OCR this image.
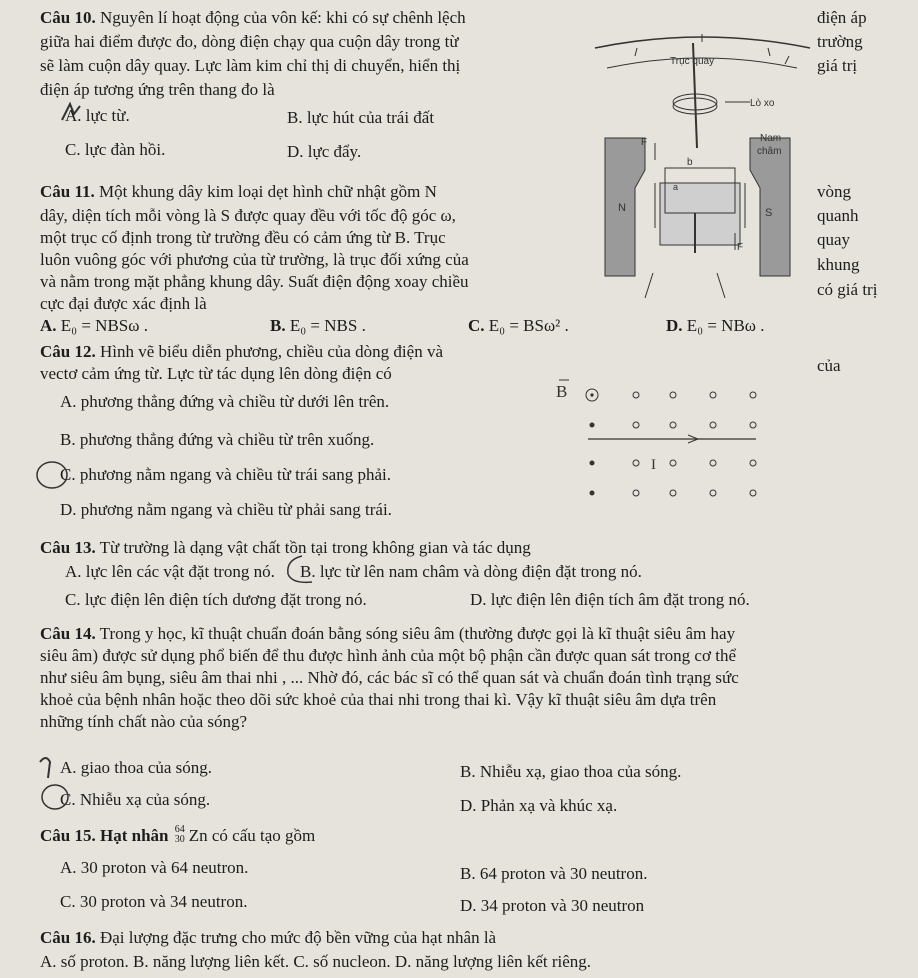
Câu 10. Nguyên lí hoạt động của vôn kế: khi có sự chênh lệch
giữa hai điểm được đo, dòng điện chạy qua cuộn dây trong từ
sẽ làm cuộn dây quay. Lực làm kim chỉ thị di chuyển, hiển thị
điện áp tương ứng trên thang đo là
điện áp
trường
giá trị
A. lực từ.	B. lực hút của trái đất
C. lực đàn hồi.	D. lực đẩy.
Trục quay
Lò xo
Nam
châm
N	S
F
F
b
a
Câu 11. Một khung dây kim loại dẹt hình chữ nhật gồm N
dây, diện tích mỗi vòng là S được quay đều với tốc độ góc ω,
một trục cố định trong từ trường đều có cảm ứng từ B. Trục
luôn vuông góc với phương của từ trường, là trục đối xứng của
và nằm trong mặt phẳng khung dây. Suất điện động xoay chiều
cực đại được xác định là
vòng
quanh
quay
khung
có giá trị
A. E₀ = NBSω .	B. E₀ = NBS .	C. E₀ = BSω² .	D. E₀ = NBω .
Câu 12. Hình vẽ biểu diễn phương, chiều của dòng điện và
vectơ cảm ứng từ. Lực từ tác dụng lên dòng điện có	của
A. phương thẳng đứng và chiều từ dưới lên trên.
B. phương thẳng đứng và chiều từ trên xuống.
C. phương nằm ngang và chiều từ trái sang phải.
D. phương nằm ngang và chiều từ phải sang trái.
B
I
Câu 13. Từ trường là dạng vật chất tồn tại trong không gian và tác dụng
A. lực lên các vật đặt trong nó. B. lực từ lên nam châm và dòng điện đặt trong nó.
C. lực điện lên điện tích dương đặt trong nó.	D. lực điện lên điện tích âm đặt trong nó.
Câu 14. Trong y học, kĩ thuật chuẩn đoán bằng sóng siêu âm (thường được gọi là kĩ thuật siêu âm hay
siêu âm) được sử dụng phổ biến để thu được hình ảnh của một bộ phận cần được quan sát trong cơ thể
như siêu âm bụng, siêu âm thai nhi , ... Nhờ đó, các bác sĩ có thể quan sát và chuẩn đoán tình trạng sức
khoẻ của bệnh nhân hoặc theo dõi sức khoẻ của thai nhi trong thai kì. Vậy kĩ thuật siêu âm dựa trên
những tính chất nào của sóng?
A. giao thoa của sóng.	B. Nhiễu xạ, giao thoa của sóng.
C. Nhiễu xạ của sóng.	D. Phản xạ và khúc xạ.
Câu 15. Hạt nhân 64
30 Zn có cấu tạo gồm
A. 30 proton và 64 neutron.	B. 64 proton và 30 neutron.
C. 30 proton và 34 neutron.	D. 34 proton và 30 neutron
Câu 16. Đại lượng đặc trưng cho mức độ bền vững của hạt nhân là
A. số proton. B. năng lượng liên kết. C. số nucleon. D. năng lượng liên kết riêng.
